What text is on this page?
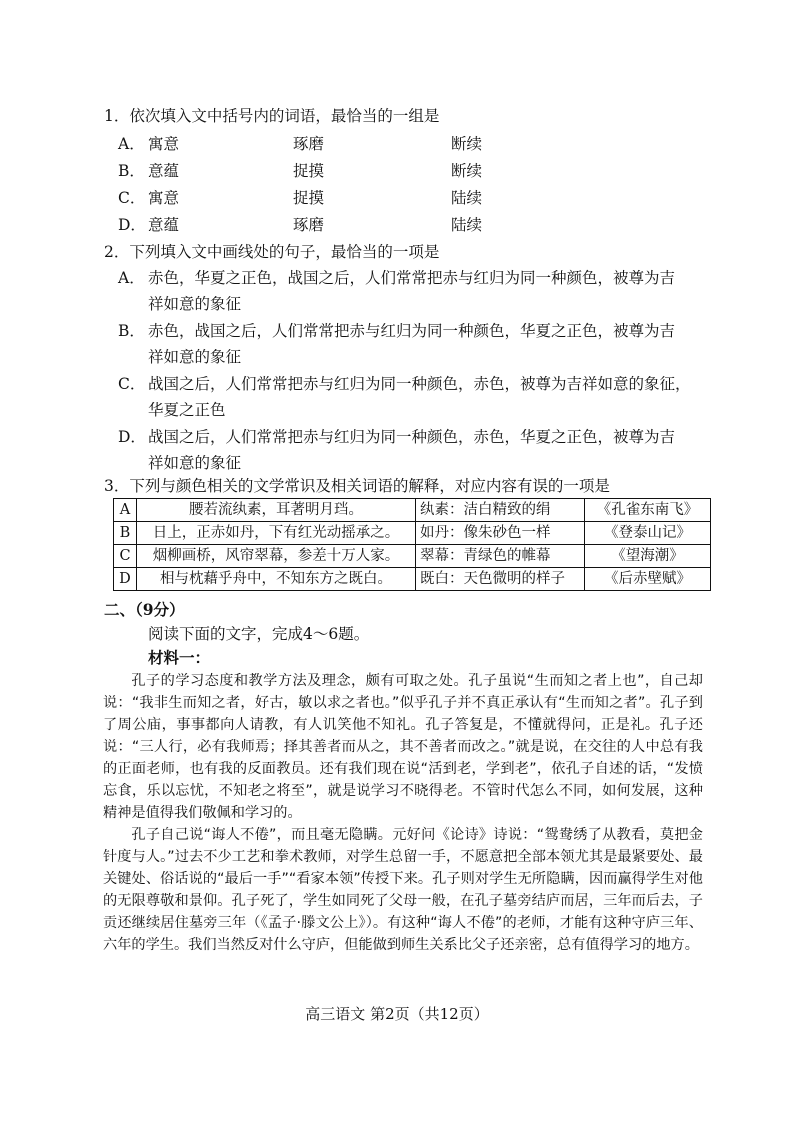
1．依次填入文中括号内的词语，最恰当的一组是
A． 寓意	琢磨	断续
B． 意蕴	捉摸	断续
C． 寓意	捉摸	陆续
D． 意蕴	琢磨	陆续
2．下列填入文中画线处的句子，最恰当的一项是
A． 赤色，华夏之正色，战国之后，人们常常把赤与红归为同一种颜色，被尊为吉
祥如意的象征
B． 赤色，战国之后，人们常常把赤与红归为同一种颜色，华夏之正色，被尊为吉
祥如意的象征
C． 战国之后，人们常常把赤与红归为同一种颜色，赤色，被尊为吉祥如意的象征，
华夏之正色
D． 战国之后，人们常常把赤与红归为同一种颜色，赤色，华夏之正色，被尊为吉
祥如意的象征
3．下列与颜色相关的文学常识及相关词语的解释，对应内容有误的一项是
A	腰若流纨素，耳著明月珰。	纨素：洁白精致的绢	《孔雀东南飞》
B	日上，正赤如丹，下有红光动摇承之。	如丹：像朱砂色一样	《登泰山记》
C	烟柳画桥，风帘翠幕，参差十万人家。	翠幕：青绿色的帷幕	《望海潮》
D	相与枕藉乎舟中，不知东方之既白。	既白：天色微明的样子	《后赤壁赋》
二、（9分）
阅读下面的文字，完成4～6题。
材料一：

孔子的学习态度和教学方法及理念，颇有可取之处。孔子虽说“生而知之者上也”，自己却说：“我非生而知之者，好古，敏以求之者也。”似乎孔子并不真正承认有“生而知之者”。孔子到了周公庙，事事都向人请教，有人讥笑他不知礼。孔子答复是，不懂就得问，正是礼。孔子还说：“三人行，必有我师焉；择其善者而从之，其不善者而改之。”就是说，在交往的人中总有我的正面老师，也有我的反面教员。还有我们现在说“活到老，学到老”，依孔子自述的话，“发愤忘食，乐以忘忧，不知老之将至”，就是说学习不晓得老。不管时代怎么不同，如何发展，这种精神是值得我们敬佩和学习的。

孔子自己说“诲人不倦”，而且毫无隐瞒。元好问《论诗》诗说：“鸳鸯绣了从教看，莫把金针度与人。”过去不少工艺和拳术教师，对学生总留一手，不愿意把全部本领尤其是最紧要处、最关键处、俗话说的“最后一手”“看家本领”传授下来。孔子则对学生无所隐瞒，因而赢得学生对他的无限尊敬和景仰。孔子死了，学生如同死了父母一般，在孔子墓旁结庐而居，三年而后去，子贡还继续居住墓旁三年（《孟子·滕文公上》）。有这种“诲人不倦”的老师，才能有这种守庐三年、六年的学生。我们当然反对什么守庐，但能做到师生关系比父子还亲密，总有值得学习的地方。

高三语文 第2页（共12页）
